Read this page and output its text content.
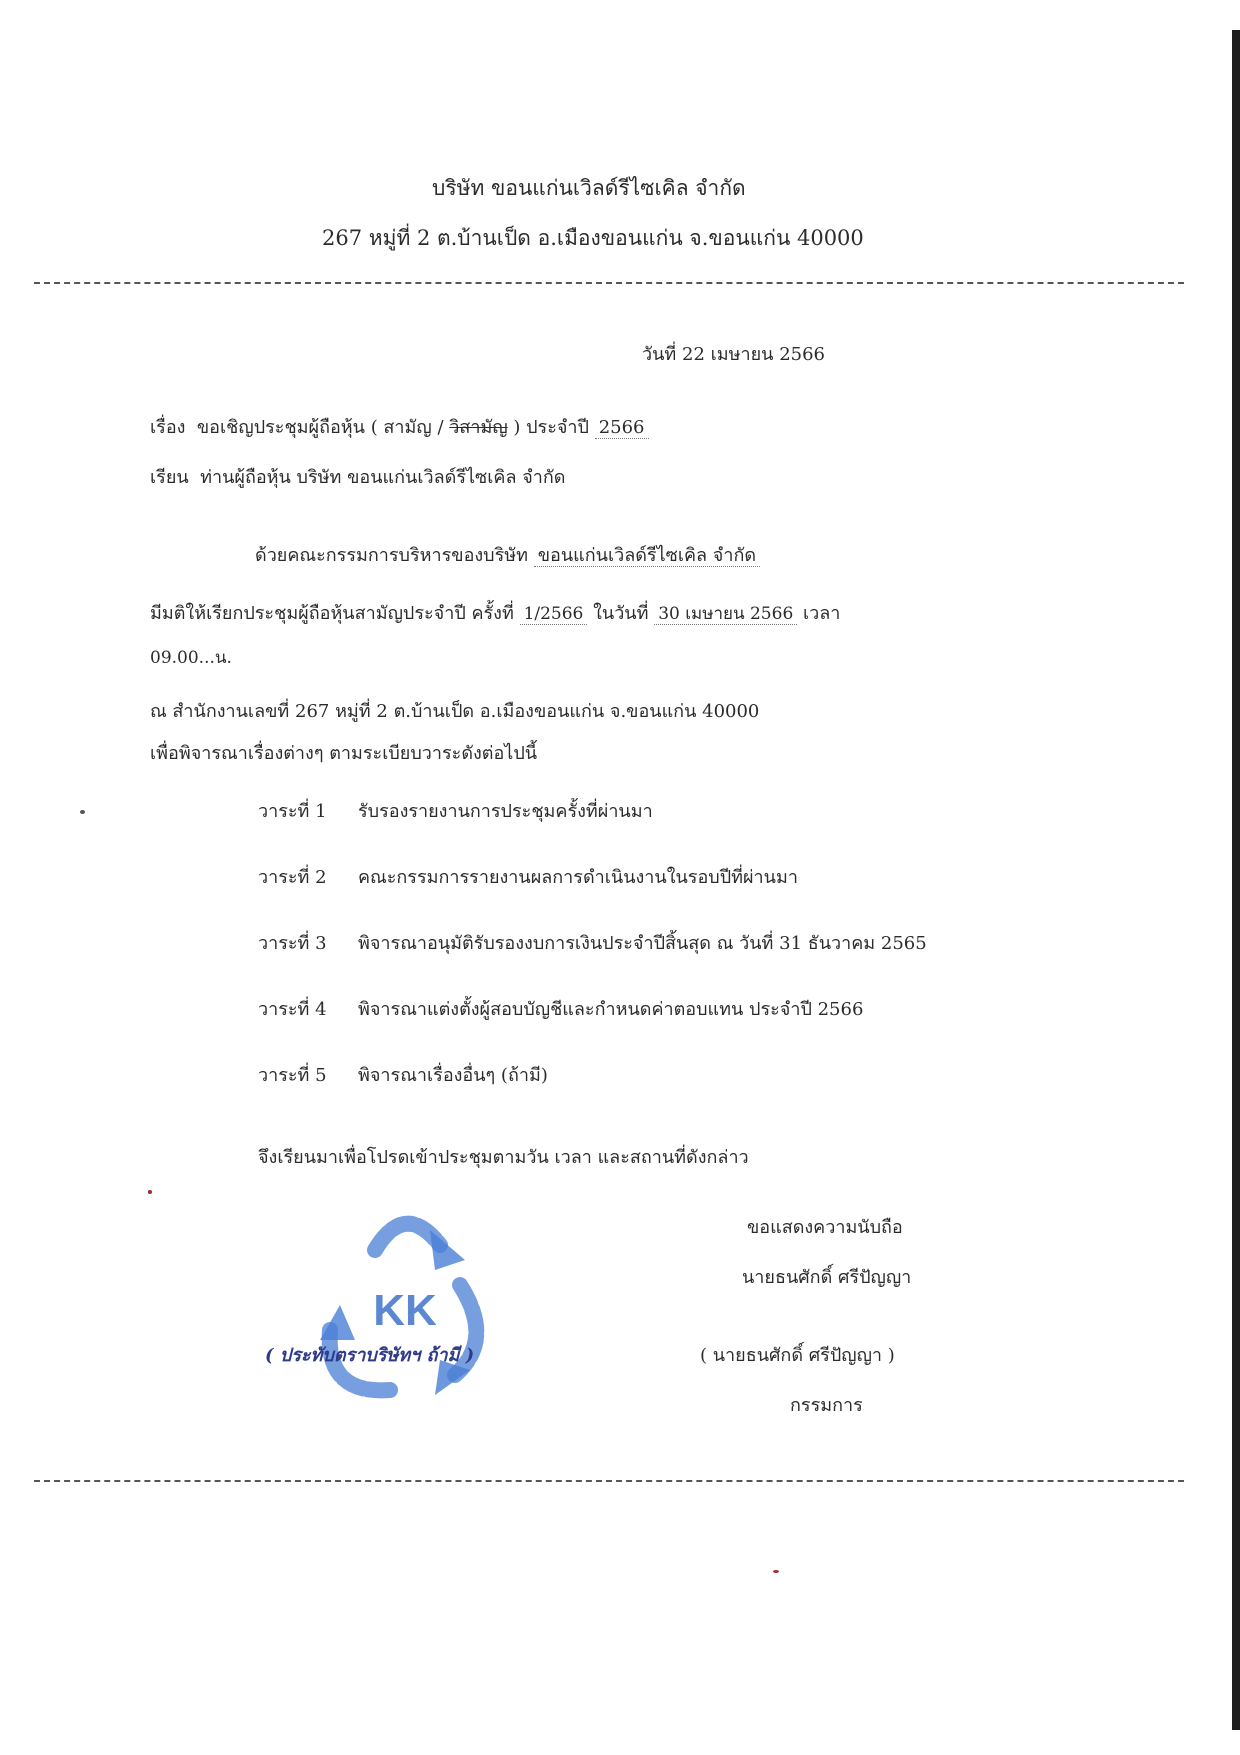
บริษัท ขอนแก่นเวิลด์รีไซเคิล จำกัด
267 หมู่ที่ 2 ต.บ้านเป็ด อ.เมืองขอนแก่น จ.ขอนแก่น 40000
วันที่ 22 เมษายน 2566
เรื่อง ขอเชิญประชุมผู้ถือหุ้น ( สามัญ / วิสามัญ ) ประจำปี 2566
เรียน ท่านผู้ถือหุ้น บริษัท ขอนแก่นเวิลด์รีไซเคิล จำกัด
ด้วยคณะกรรมการบริหารของบริษัท ขอนแก่นเวิลด์รีไซเคิล จำกัด
มีมติให้เรียกประชุมผู้ถือหุ้นสามัญประจำปี ครั้งที่ 1/2566 ในวันที่ 30 เมษายน 2566 เวลา
09.00...น.
ณ สำนักงานเลขที่ 267 หมู่ที่ 2 ต.บ้านเป็ด อ.เมืองขอนแก่น จ.ขอนแก่น 40000
เพื่อพิจารณาเรื่องต่างๆ ตามระเบียบวาระดังต่อไปนี้
วาระที่ 1 รับรองรายงานการประชุมครั้งที่ผ่านมา
วาระที่ 2 คณะกรรมการรายงานผลการดำเนินงานในรอบปีที่ผ่านมา
วาระที่ 3 พิจารณาอนุมัติรับรองงบการเงินประจำปีสิ้นสุด ณ วันที่ 31 ธันวาคม 2565
วาระที่ 4 พิจารณาแต่งตั้งผู้สอบบัญชีและกำหนดค่าตอบแทน ประจำปี 2566
วาระที่ 5 พิจารณาเรื่องอื่นๆ (ถ้ามี)
จึงเรียนมาเพื่อโปรดเข้าประชุมตามวัน เวลา และสถานที่ดังกล่าว
KK
( ประทับตราบริษัทฯ ถ้ามี )
ขอแสดงความนับถือ
นายธนศักดิ์ ศรีปัญญา
( นายธนศักดิ์ ศรีปัญญา )
กรรมการ
